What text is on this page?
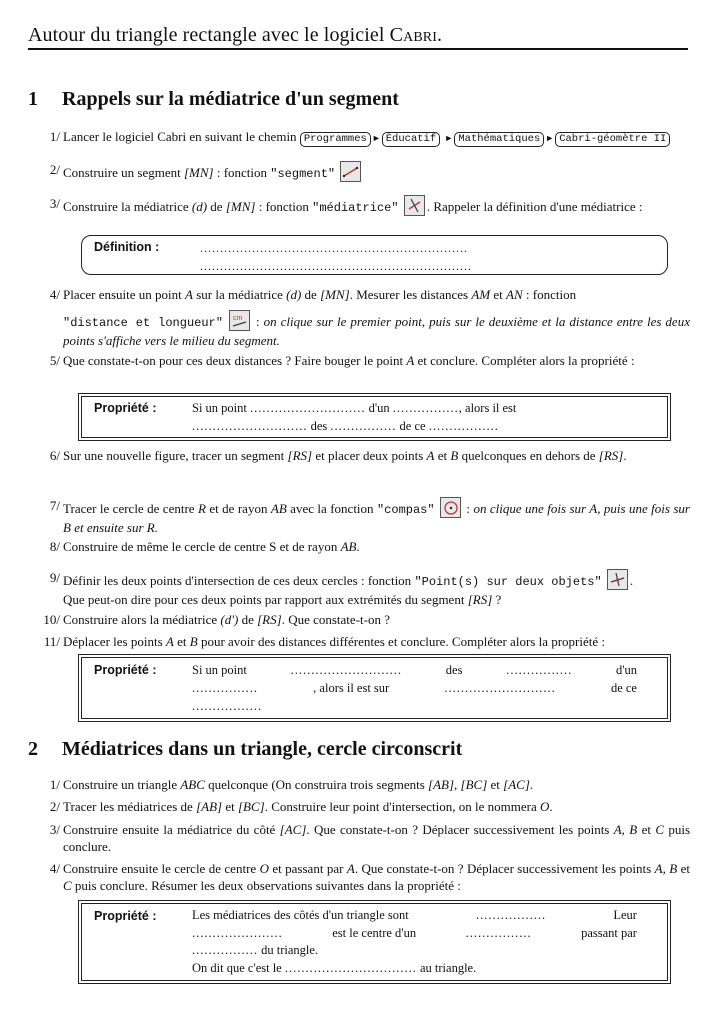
Autour du triangle rectangle avec le logiciel Cabri.
1 Rappels sur la médiatrice d'un segment
1/ Lancer le logiciel Cabri en suivant le chemin Programmes ► Éducatif ► Mathématiques ► Cabri-géomètre II
2/ Construire un segment [MN] : fonction "segment"
3/ Construire la médiatrice (d) de [MN] : fonction "médiatrice" . Rappeler la définition d'une médiatrice :
Définition :	...................................................................
....................................................................
4/ Placer ensuite un point A sur la médiatrice (d) de [MN]. Mesurer les distances AM et AN : fonction
"distance et longueur" cm : on clique sur le premier point, puis sur le deuxième et la distance entre les deux points s'affiche vers le milieu du segment.
5/ Que constate-t-on pour ces deux distances ? Faire bouger le point A et conclure. Compléter alors la propriété :
Propriété :	Si un point ............................ d'un ................, alors il est
............................ des ................ de ce .................
6/ Sur une nouvelle figure, tracer un segment [RS] et placer deux points A et B quelconques en dehors de [RS].
7/ Tracer le cercle de centre R et de rayon AB avec la fonction "compas"
: on clique une fois sur A, puis une fois sur B et ensuite sur R.
8/ Construire de même le cercle de centre S et de rayon AB.
9/ Définir les deux points d'intersection de ces deux cercles : fonction "Point(s) sur deux objets" .
Que peut-on dire pour ces deux points par rapport aux extrémités du segment [RS] ?
10/ Construire alors la médiatrice (d') de [RS]. Que constate-t-on ?
11/ Déplacer les points A et B pour avoir des distances différentes et conclure. Compléter alors la propriété :
Propriété :	Si un point	...........................	des	................	d'un
................	, alors il est sur	...........................	de ce
.................
2 Médiatrices dans un triangle, cercle circonscrit
1/ Construire un triangle ABC quelconque (On construira trois segments [AB], [BC] et [AC].
2/ Tracer les médiatrices de [AB] et [BC]. Construire leur point d'intersection, on le nommera O.
3/ Construire ensuite la médiatrice du côté [AC]. Que constate-t-on ? Déplacer successivement les points A, B et C puis conclure.
4/ Construire ensuite le cercle de centre O et passant par A. Que constate-t-on ? Déplacer successivement les points A, B et C puis conclure. Résumer les deux observations suivantes dans la propriété :
Propriété :	Les médiatrices des côtés d'un triangle sont	.................	Leur
......................	est le centre d'un	................	passant par
................ du triangle.
On dit que c'est le ................................ au triangle.
